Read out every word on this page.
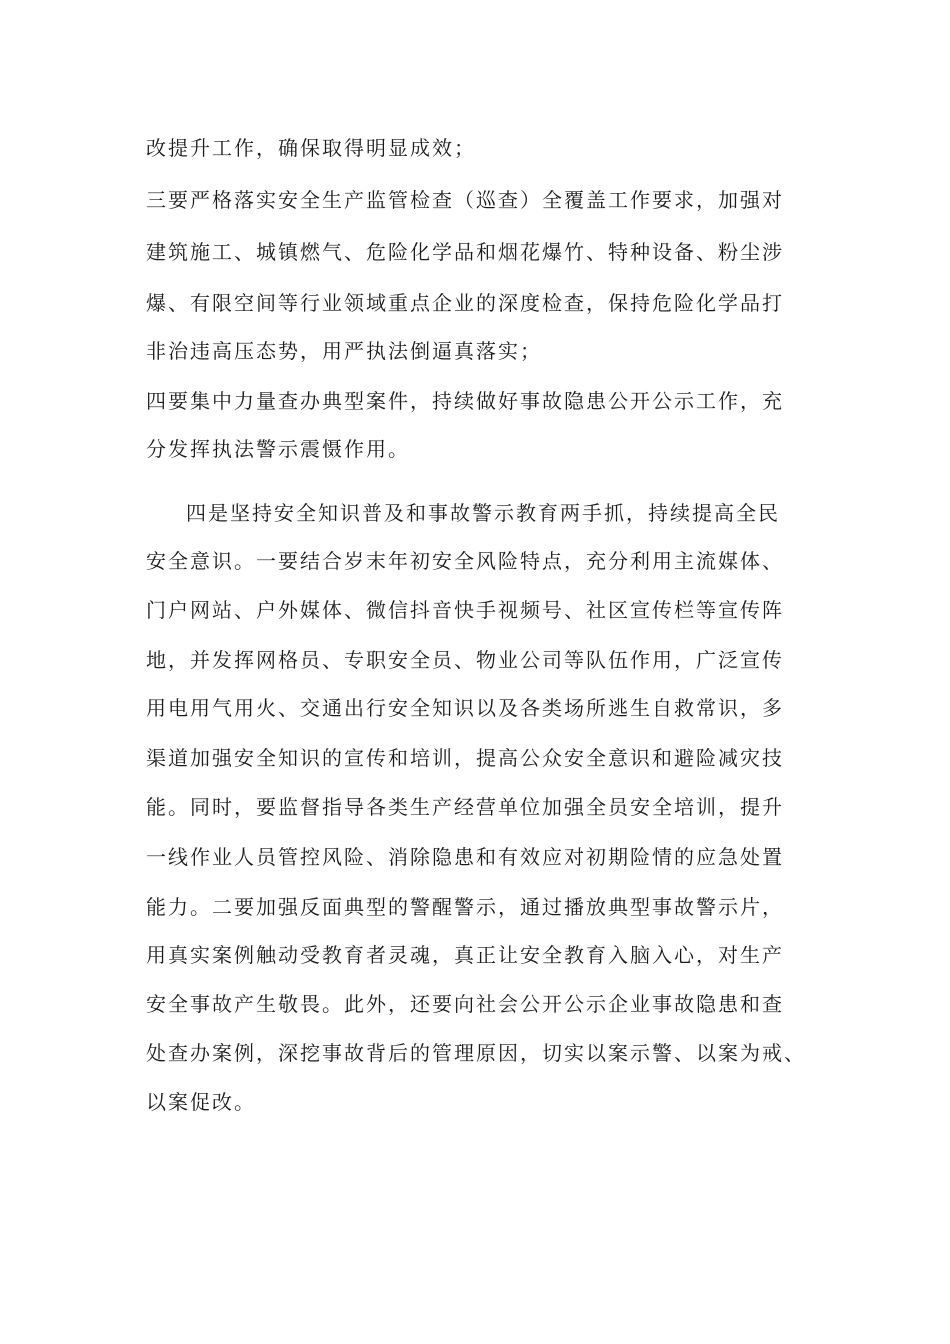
改提升工作，确保取得明显成效；

三要严格落实安全生产监管检查（巡查）全覆盖工作要求，加强对

建筑施工、城镇燃气、危险化学品和烟花爆竹、特种设备、粉尘涉

爆、有限空间等行业领域重点企业的深度检查，保持危险化学品打

非治违高压态势，用严执法倒逼真落实；

四要集中力量查办典型案件，持续做好事故隐患公开公示工作，充

分发挥执法警示震慑作用。

四是坚持安全知识普及和事故警示教育两手抓，持续提高全民

安全意识。一要结合岁末年初安全风险特点，充分利用主流媒体、

门户网站、户外媒体、微信抖音快手视频号、社区宣传栏等宣传阵

地，并发挥网格员、专职安全员、物业公司等队伍作用，广泛宣传

用电用气用火、交通出行安全知识以及各类场所逃生自救常识，多

渠道加强安全知识的宣传和培训，提高公众安全意识和避险减灾技

能。同时，要监督指导各类生产经营单位加强全员安全培训，提升

一线作业人员管控风险、消除隐患和有效应对初期险情的应急处置

能力。二要加强反面典型的警醒警示，通过播放典型事故警示片，

用真实案例触动受教育者灵魂，真正让安全教育入脑入心，对生产

安全事故产生敬畏。此外，还要向社会公开公示企业事故隐患和查

处查办案例，深挖事故背后的管理原因，切实以案示警、以案为戒、

以案促改。
